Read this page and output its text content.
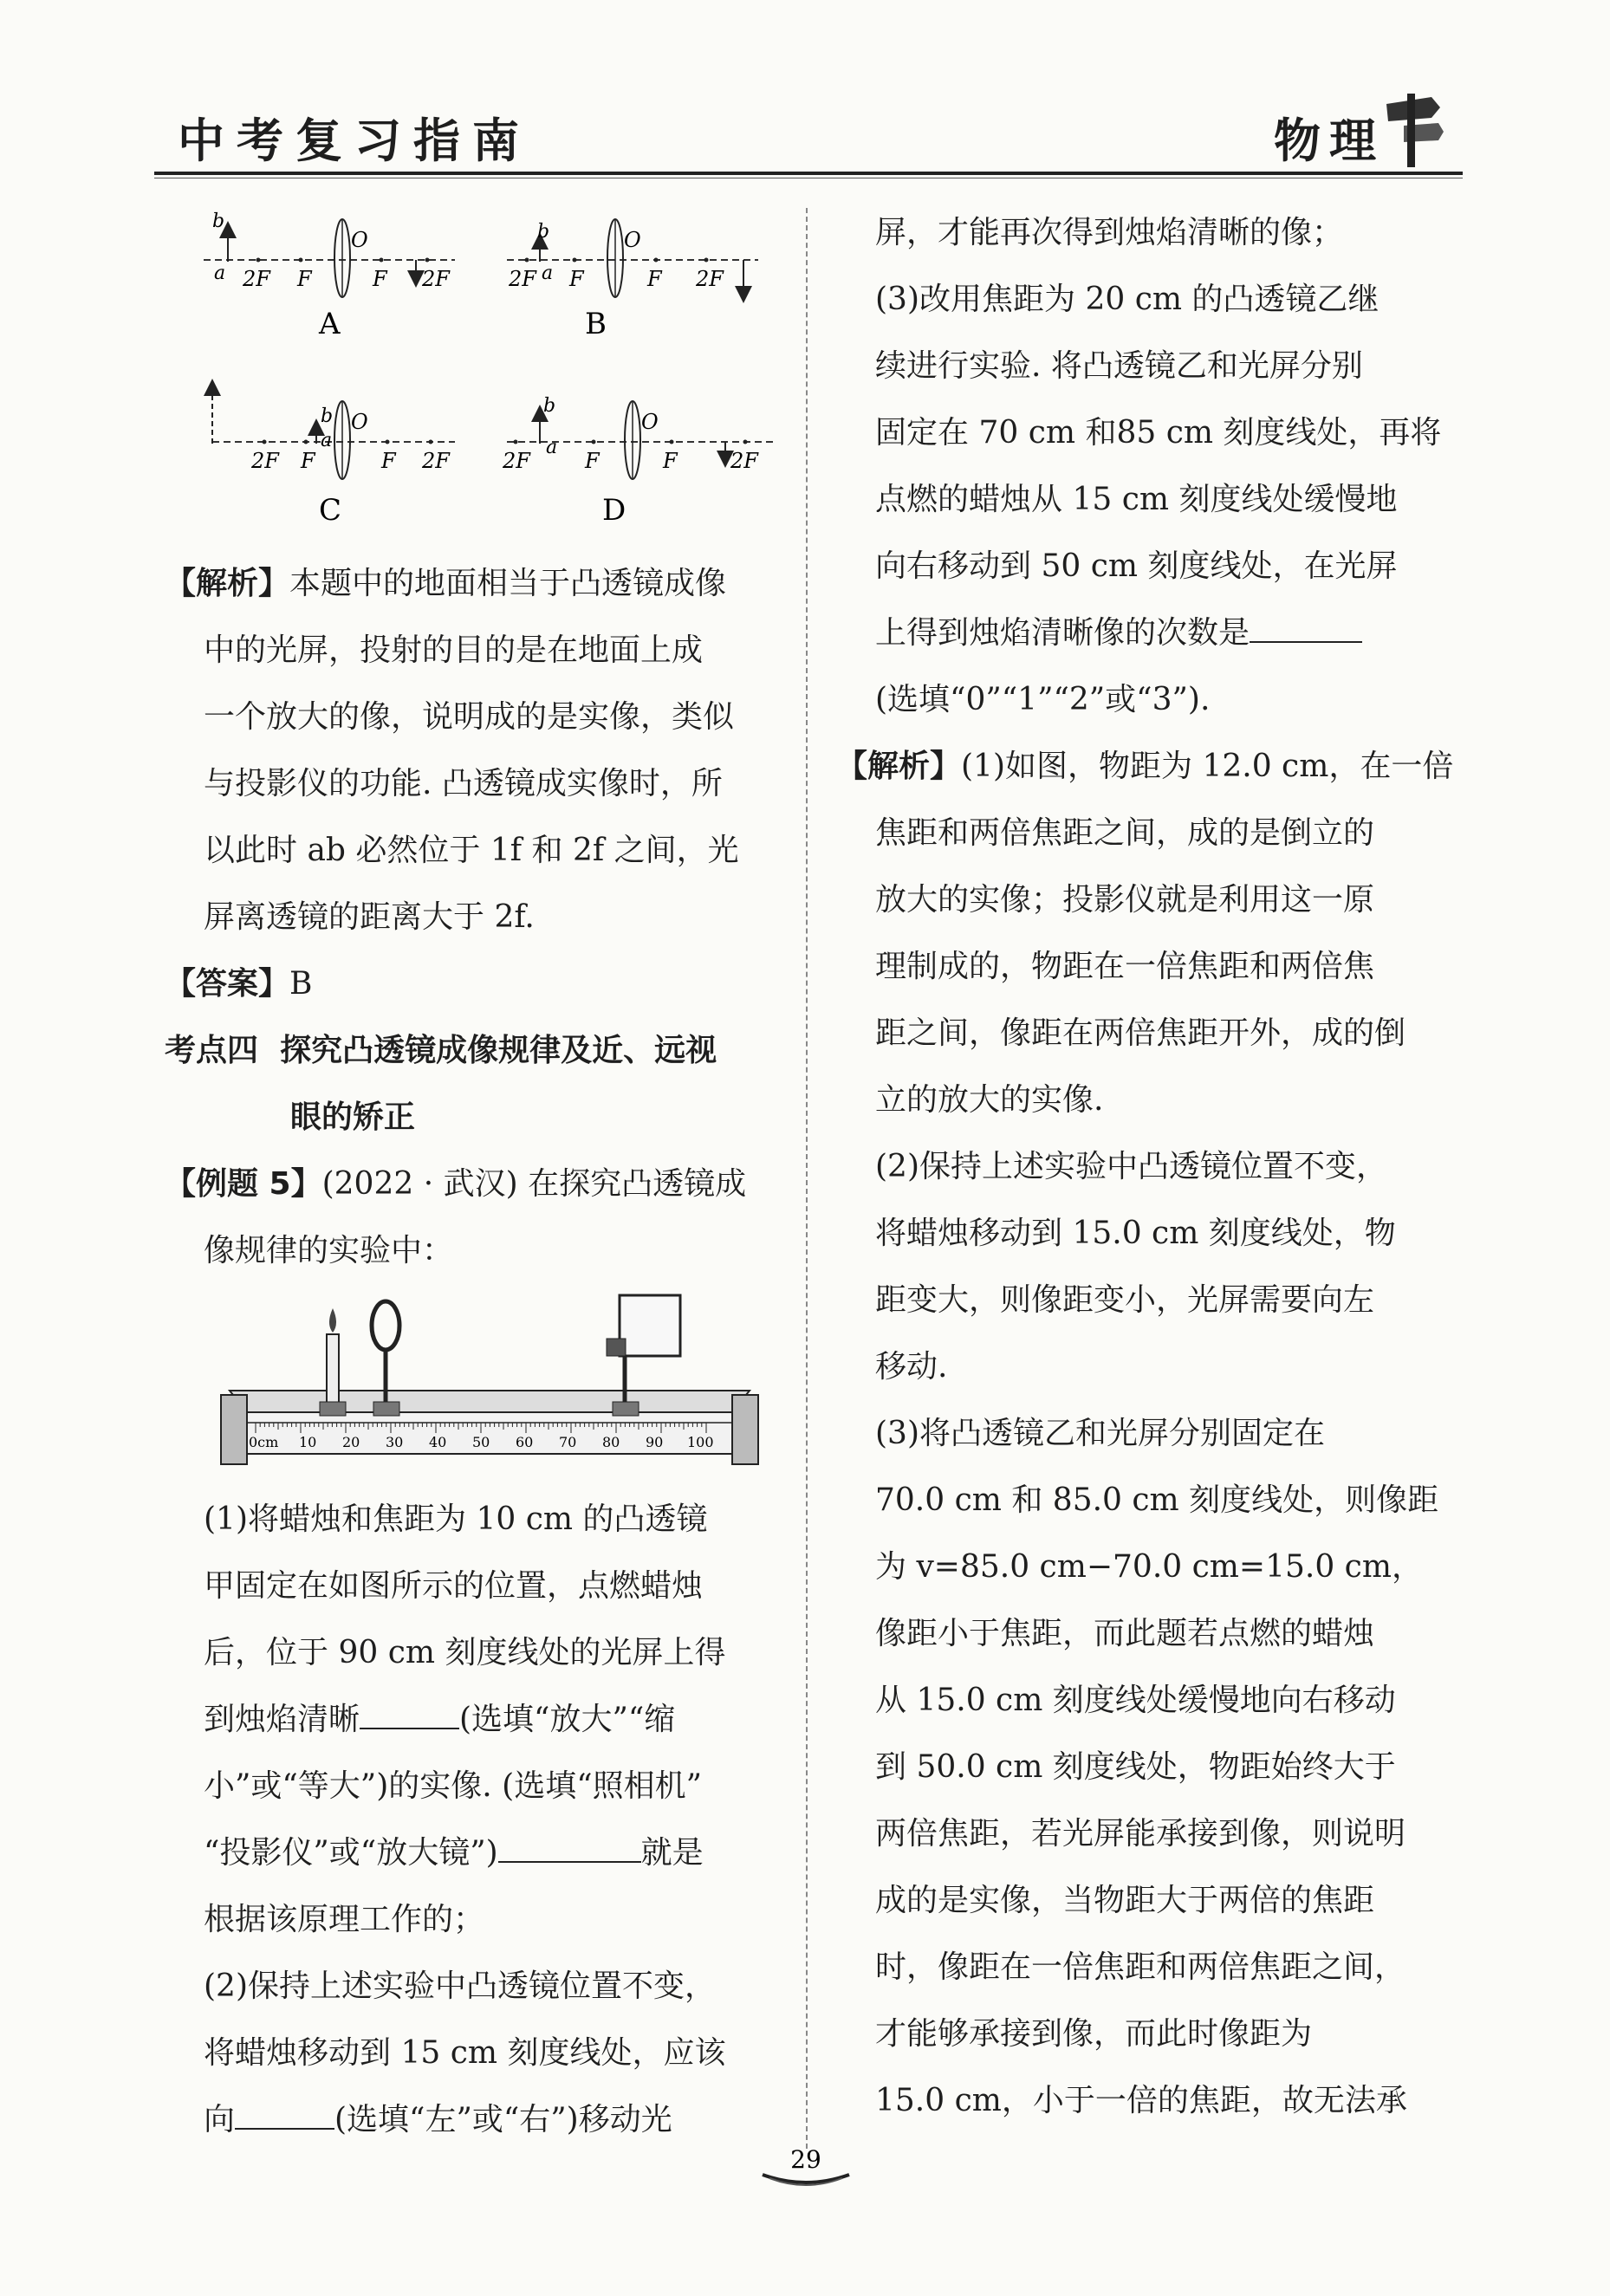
中考复习指南	物理
b
a
O
2F F	F 2F
A
b
a
O
2F F	F 2F
B
b
a
O
2F F	F 2F
C
b
a
O
2F	F	F	2F
D
【解析】本题中的地面相当于凸透镜成像
中的光屏，投射的目的是在地面上成
一个放大的像，说明成的是实像，类似
与投影仪的功能. 凸透镜成实像时，所
以此时 ab 必然位于 1f 和 2f 之间，光
屏离透镜的距离大于 2f.
【答案】B
考点四 探究凸透镜成像规律及近、远视
眼的矫正
【例题 5】(2022 · 武汉) 在探究凸透镜成
像规律的实验中：
0cm 10 20 30 40 50 60 70 80 90 100
(1)将蜡烛和焦距为 10 cm 的凸透镜
甲固定在如图所示的位置，点燃蜡烛
后，位于 90 cm 刻度线处的光屏上得
到烛焰清晰	(选填“放大”“缩
小”或“等大”)的实像. (选填“照相机”
“投影仪”或“放大镜”)	就是
根据该原理工作的；
(2)保持上述实验中凸透镜位置不变，
将蜡烛移动到 15 cm 刻度线处，应该
向	(选填“左”或“右”)移动光
屏，才能再次得到烛焰清晰的像；
(3)改用焦距为 20 cm 的凸透镜乙继
续进行实验. 将凸透镜乙和光屏分别
固定在 70 cm 和85 cm 刻度线处，再将
点燃的蜡烛从 15 cm 刻度线处缓慢地
向右移动到 50 cm 刻度线处，在光屏
上得到烛焰清晰像的次数是
(选填“0”“1”“2”或“3”).
【解析】(1)如图，物距为 12.0 cm，在一倍
焦距和两倍焦距之间，成的是倒立的
放大的实像；投影仪就是利用这一原
理制成的，物距在一倍焦距和两倍焦
距之间，像距在两倍焦距开外，成的倒
立的放大的实像.
(2)保持上述实验中凸透镜位置不变，
将蜡烛移动到 15.0 cm 刻度线处，物
距变大，则像距变小，光屏需要向左
移动.
(3)将凸透镜乙和光屏分别固定在
70.0 cm 和 85.0 cm 刻度线处，则像距
为 v=85.0 cm−70.0 cm=15.0 cm，
像距小于焦距，而此题若点燃的蜡烛
从 15.0 cm 刻度线处缓慢地向右移动
到 50.0 cm 刻度线处，物距始终大于
两倍焦距，若光屏能承接到像，则说明
成的是实像，当物距大于两倍的焦距
时，像距在一倍焦距和两倍焦距之间，
才能够承接到像，而此时像距为
15.0 cm，小于一倍的焦距，故无法承
29
